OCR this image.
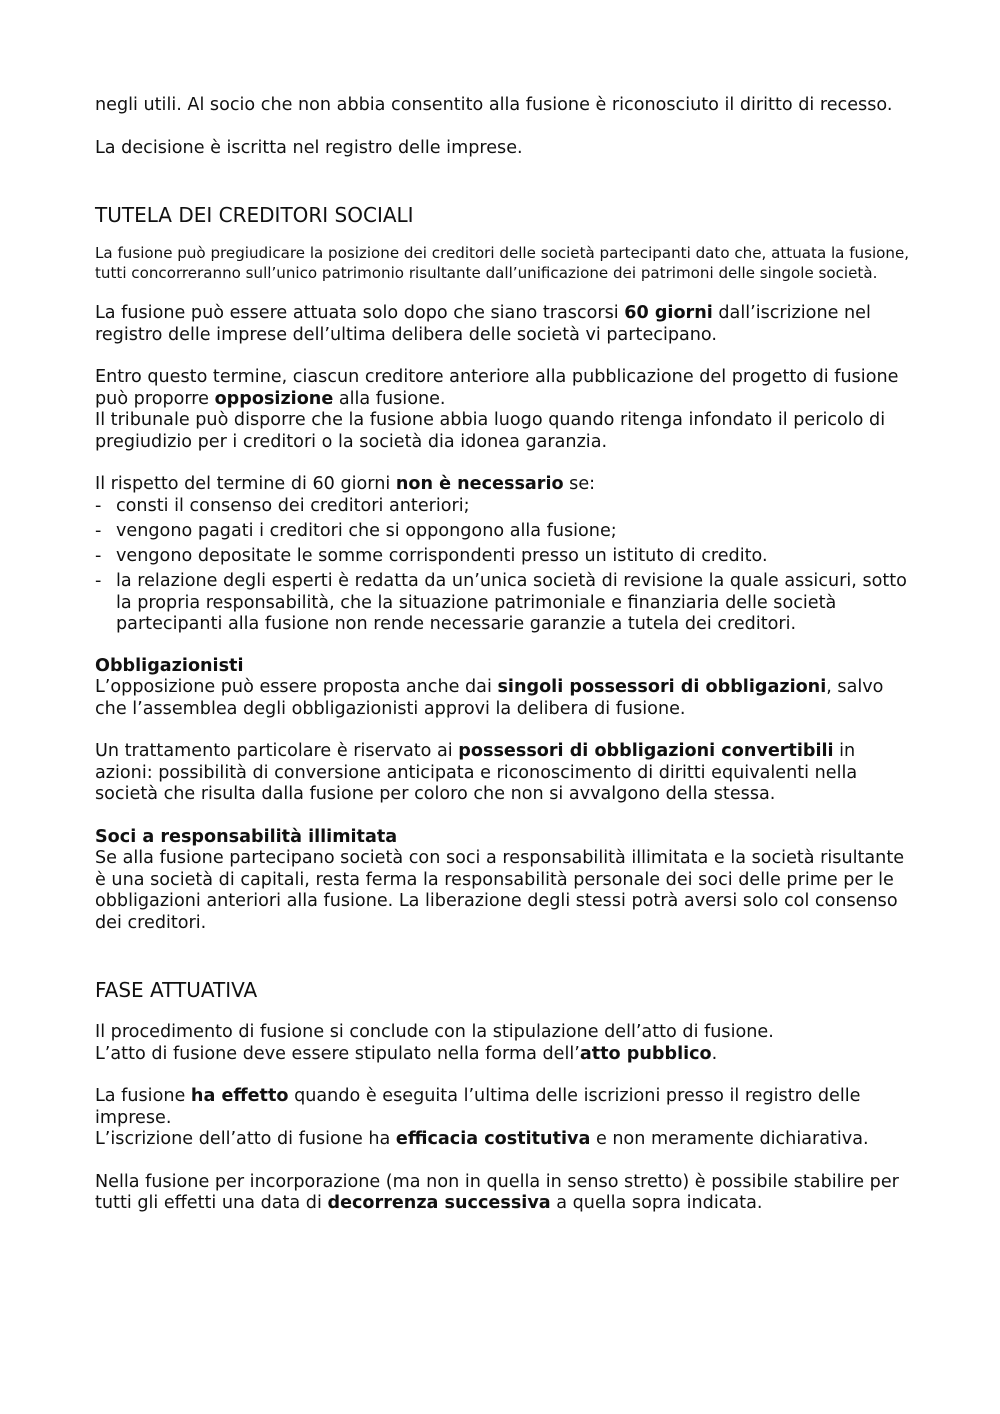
negli utili. Al socio che non abbia consentito alla fusione è riconosciuto il diritto di recesso.

La decisione è iscritta nel registro delle imprese.

TUTELA DEI CREDITORI SOCIALI

La fusione può pregiudicare la posizione dei creditori delle società partecipanti dato che, attuata la fusione, tutti concorreranno sull’unico patrimonio risultante dall’unificazione dei patrimoni delle singole società.

La fusione può essere attuata solo dopo che siano trascorsi 60 giorni dall’iscrizione nel registro delle imprese dell’ultima delibera delle società vi partecipano.

Entro questo termine, ciascun creditore anteriore alla pubblicazione del progetto di fusione può proporre opposizione alla fusione.

Il tribunale può disporre che la fusione abbia luogo quando ritenga infondato il pericolo di pregiudizio per i creditori o la società dia idonea garanzia.

Il rispetto del termine di 60 giorni non è necessario se:

- consti il consenso dei creditori anteriori;
- vengono pagati i creditori che si oppongono alla fusione;
- vengono depositate le somme corrispondenti presso un istituto di credito.
- la relazione degli esperti è redatta da un’unica società di revisione la quale assicuri, sotto la propria responsabilità, che la situazione patrimoniale e finanziaria delle società partecipanti alla fusione non rende necessarie garanzie a tutela dei creditori.

Obbligazionisti

L’opposizione può essere proposta anche dai singoli possessori di obbligazioni, salvo che l’assemblea degli obbligazionisti approvi la delibera di fusione.

Un trattamento particolare è riservato ai possessori di obbligazioni convertibili in azioni: possibilità di conversione anticipata e riconoscimento di diritti equivalenti nella società che risulta dalla fusione per coloro che non si avvalgono della stessa.

Soci a responsabilità illimitata

Se alla fusione partecipano società con soci a responsabilità illimitata e la società risultante è una società di capitali, resta ferma la responsabilità personale dei soci delle prime per le obbligazioni anteriori alla fusione. La liberazione degli stessi potrà aversi solo col consenso dei creditori.

FASE ATTUATIVA

Il procedimento di fusione si conclude con la stipulazione dell’atto di fusione.

L’atto di fusione deve essere stipulato nella forma dell’atto pubblico.

La fusione ha effetto quando è eseguita l’ultima delle iscrizioni presso il registro delle imprese.

L’iscrizione dell’atto di fusione ha efficacia costitutiva e non meramente dichiarativa.

Nella fusione per incorporazione (ma non in quella in senso stretto) è possibile stabilire per tutti gli effetti una data di decorrenza successiva a quella sopra indicata.
